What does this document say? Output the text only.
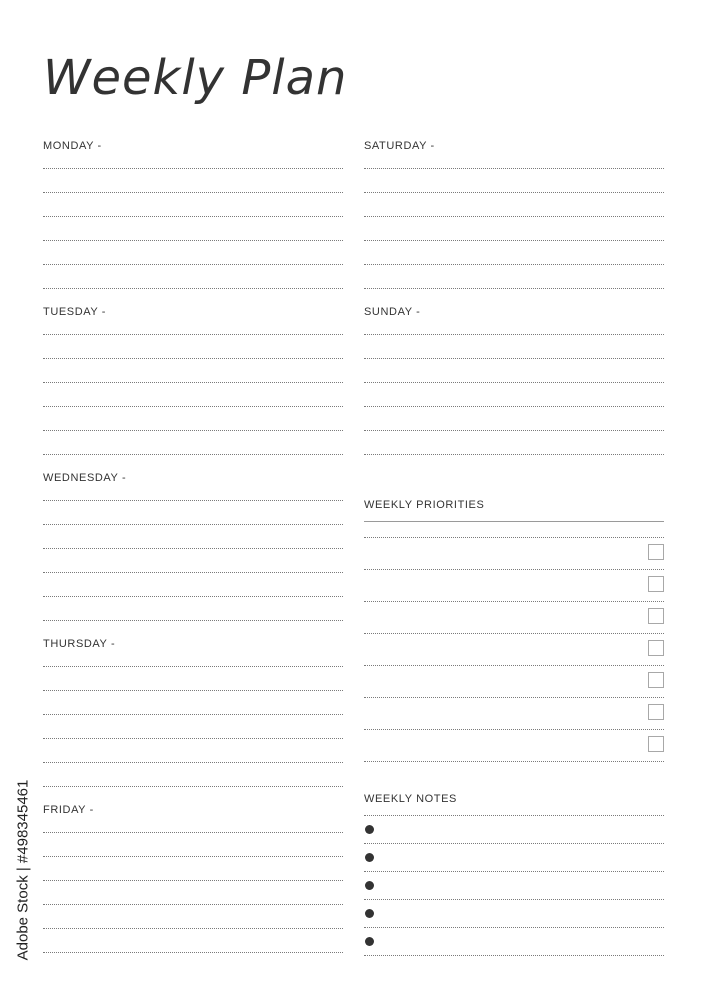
Weekly Plan
MONDAY -
TUESDAY -
WEDNESDAY -
THURSDAY -
FRIDAY -
SATURDAY -
SUNDAY -
WEEKLY PRIORITIES
WEEKLY NOTES
Adobe Stock | #498345461
